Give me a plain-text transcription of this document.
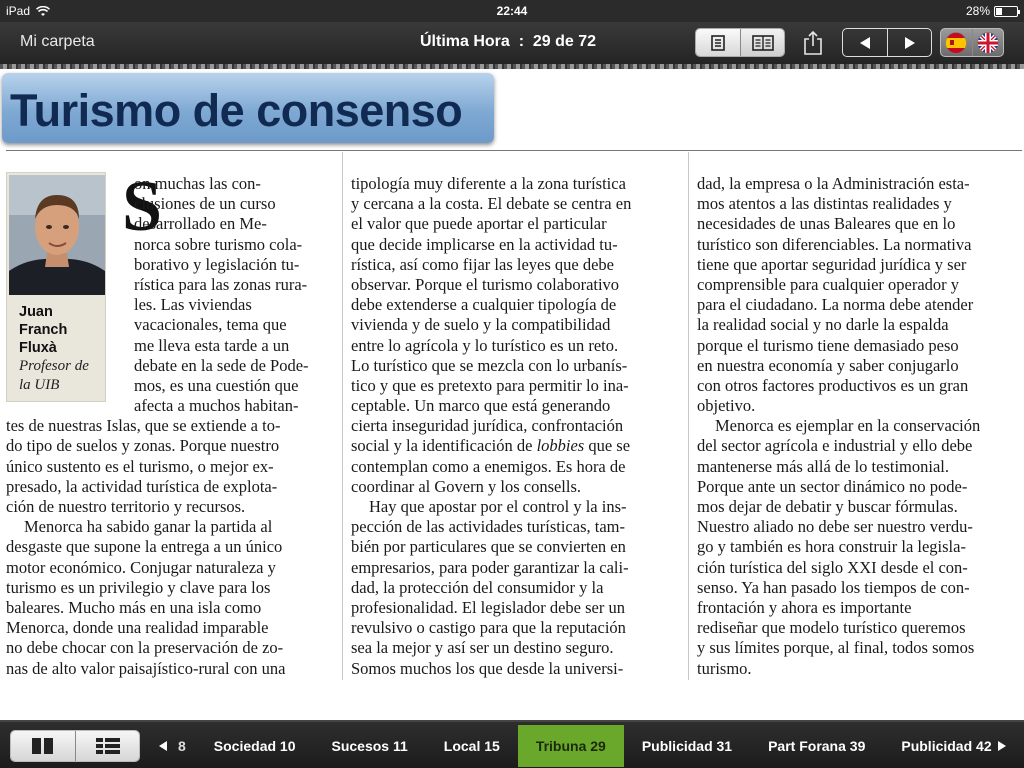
iPad	22:44	28%
Mi carpeta	Última Hora  :  29 de 72
Turismo de consenso
Juan
Franch
Fluxà
Profesor de
la UIB
S
on muchas las con-
clusiones de un curso
desarrollado en Me-
norca sobre turismo cola-
borativo y legislación tu-
rística para las zonas rura-
les. Las viviendas
vacacionales, tema que
me lleva esta tarde a un
debate en la sede de Pode-
mos, es una cuestión que
afecta a muchos habitan-
tes de nuestras Islas, que se extiende a to-
do tipo de suelos y zonas. Porque nuestro
único sustento es el turismo, o mejor ex-
presado, la actividad turística de explota-
ción de nuestro territorio y recursos.
Menorca ha sabido ganar la partida al
desgaste que supone la entrega a un único
motor económico. Conjugar naturaleza y
turismo es un privilegio y clave para los
baleares. Mucho más en una isla como
Menorca, donde una realidad imparable
no debe chocar con la preservación de zo-
nas de alto valor paisajístico-rural con una
tipología muy diferente a la zona turística
y cercana a la costa. El debate se centra en
el valor que puede aportar el particular
que decide implicarse en la actividad tu-
rística, así como fijar las leyes que debe
observar. Porque el turismo colaborativo
debe extenderse a cualquier tipología de
vivienda y de suelo y la compatibilidad
entre lo agrícola y lo turístico es un reto.
Lo turístico que se mezcla con lo urbanís-
tico y que es pretexto para permitir lo ina-
ceptable. Un marco que está generando
cierta inseguridad jurídica, confrontación
social y la identificación de lobbies que se
contemplan como a enemigos. Es hora de
coordinar al Govern y los consells.
Hay que apostar por el control y la ins-
pección de las actividades turísticas, tam-
bién por particulares que se convierten en
empresarios, para poder garantizar la cali-
dad, la protección del consumidor y la
profesionalidad. El legislador debe ser un
revulsivo o castigo para que la reputación
sea la mejor y así ser un destino seguro.
Somos muchos los que desde la universi-
dad, la empresa o la Administración esta-
mos atentos a las distintas realidades y
necesidades de unas Baleares que en lo
turístico son diferenciables. La normativa
tiene que aportar seguridad jurídica y ser
comprensible para cualquier operador y
para el ciudadano. La norma debe atender
la realidad social y no darle la espalda
porque el turismo tiene demasiado peso
en nuestra economía y saber conjugarlo
con otros factores productivos es un gran
objetivo.
Menorca es ejemplar en la conservación
del sector agrícola e industrial y ello debe
mantenerse más allá de lo testimonial.
Porque ante un sector dinámico no pode-
mos dejar de debatir y buscar fórmulas.
Nuestro aliado no debe ser nuestro verdu-
go y también es hora construir la legisla-
ción turística del siglo XXI desde el con-
senso. Ya han pasado los tiempos de con-
frontación y ahora es importante
rediseñar que modelo turístico queremos
y sus límites porque, al final, todos somos
turismo.
8	Sociedad 10	Sucesos 11	Local 15	Tribuna 29	Publicidad 31	Part Forana 39	Publicidad 42
